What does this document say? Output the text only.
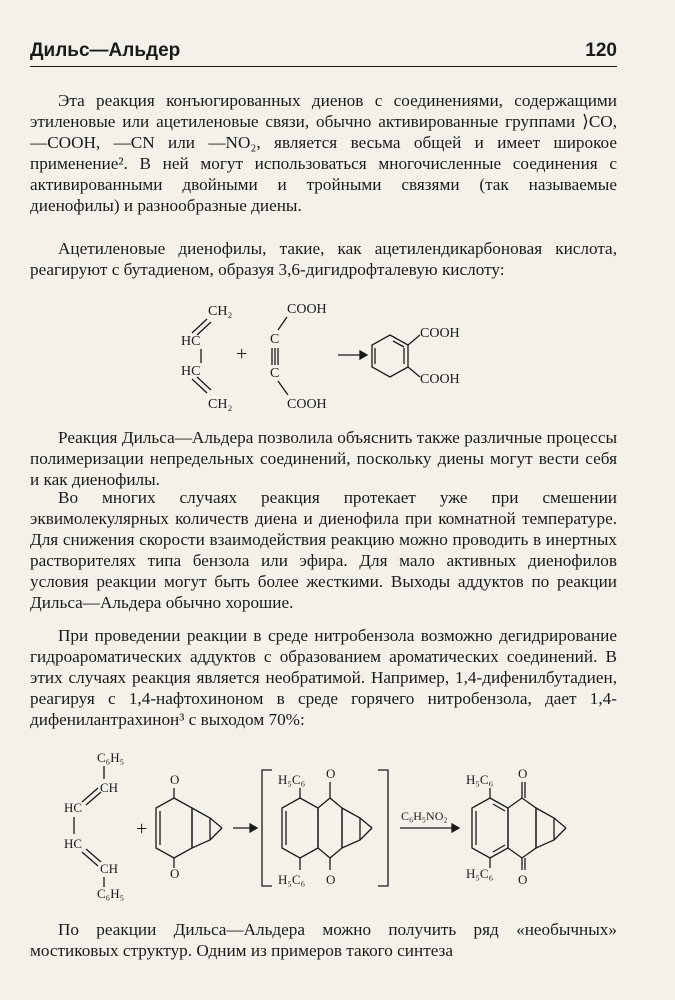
Дильс—Альдер	120

Эта реакция конъюгированных диенов с соединениями, содержащими этиленовые или ацетиленовые связи, обычно активированные группами ⟩CO, —COOH, —CN или —NO₂, является весьма общей и имеет широкое применение². В ней могут использоваться многочисленные соединения с активированными двойными и тройными связями (так называемые диенофилы) и разнообразные диены.

Ацетиленовые диенофилы, такие, как ацетилендикарбоновая кислота, реагируют с бутадиеном, образуя 3,6-дигидрофталевую кислоту:

CH₂
HC
HC
CH₂
+
COOH
C
C
COOH
COOH
COOH

Реакция Дильса—Альдера позволила объяснить также различные процессы полимеризации непредельных соединений, поскольку диены могут вести себя и как диенофилы.

Во многих случаях реакция протекает уже при смешении эквимолекулярных количеств диена и диенофила при комнатной температуре. Для снижения скорости взаимодействия реакцию можно проводить в инертных растворителях типа бензола или эфира. Для мало активных диенофилов условия реакции могут быть более жесткими. Выходы аддуктов по реакции Дильса—Альдера обычно хорошие.

При проведении реакции в среде нитробензола возможно дегидрирование гидроароматических аддуктов с образованием ароматических соединений. В этих случаях реакция является необратимой. Например, 1,4-дифенилбутадиен, реагируя с 1,4-нафтохиноном в среде горячего нитробензола, дает 1,4-дифенилантрахинон³ с выходом 70%:

C₆H₅
CH
HC
HC
CH
C₆H₅
+
O
O
H₅C₆
H₅C₆
O
O
C₆H₅NO₂
H₅C₆
H₅C₆
O
O

По реакции Дильса—Альдера можно получить ряд «необычных» мостиковых структур. Одним из примеров такого синтеза
